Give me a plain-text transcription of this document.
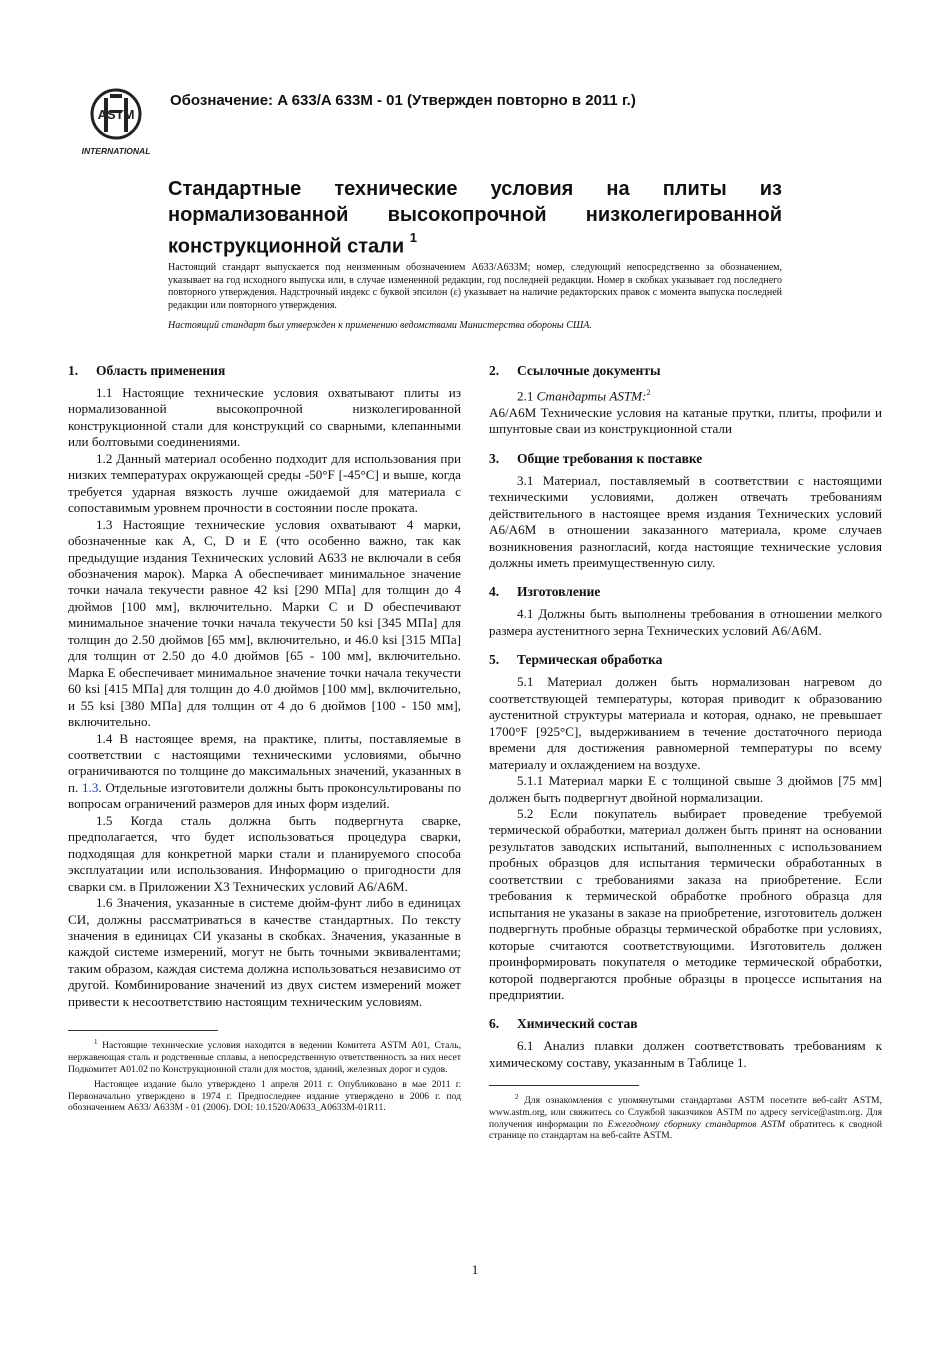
ASTM
INTERNATIONAL
Обозначение: A 633/A 633M - 01 (Утвержден повторно в 2011 г.)
Стандартные технические условия на плиты из
нормализованной высокопрочной низколегированной
конструкционной стали $^1$
Настоящий стандарт выпускается под неизменным обозначением A633/A633M; номер, следующий непосредственно за обозначением, указывает на год исходного выпуска или, в случае измененной редакции, год последней редакции. Номер в скобках указывает год последнего повторного утверждения. Надстрочный индекс с буквой эпсилон (ε) указывает на наличие редакторских правок с момента выпуска последней редакции или повторного утверждения.
Настоящий стандарт был утвержден к применению ведомствами Министерства обороны США.
1. Область применения

1.1 Настоящие технические условия охватывают плиты из нормализованной высокопрочной низколегированной конструкционной стали для конструкций со сварными, клепанными или болтовыми соединениями.

1.2 Данный материал особенно подходит для использования при низких температурах окружающей среды -50°F [-45°C] и выше, когда требуется ударная вязкость лучше ожидаемой для материала с сопоставимым уровнем прочности в состоянии после проката.

1.3 Настоящие технические условия охватывают 4 марки, обозначенные как A, C, D и E (что особенно важно, так как предыдущие издания Технических условий A633 не включали в себя обозначения марок). Марка A обеспечивает минимальное значение точки начала текучести равное 42 ksi [290 МПа] для толщин до 4 дюймов [100 мм], включительно. Марки C и D обеспечивают минимальное значение точки начала текучести 50 ksi [345 МПа] для толщин до 2.50 дюймов [65 мм], включительно, и 46.0 ksi [315 МПа] для толщин от 2.50 до 4.0 дюймов [65 - 100 мм], включительно. Марка E обеспечивает минимальное значение точки начала текучести 60 ksi [415 МПа] для толщин до 4.0 дюймов [100 мм], включительно, и 55 ksi [380 МПа] для толщин от 4 до 6 дюймов [100 - 150 мм], включительно.

1.4 В настоящее время, на практике, плиты, поставляемые в соответствии с настоящими техническими условиями, обычно ограничиваются по толщине до максимальных значений, указанных в п. 1.3. Отдельные изготовители должны быть проконсультированы по вопросам ограничений размеров для иных форм изделий.

1.5 Когда сталь должна быть подвергнута сварке, предполагается, что будет использоваться процедура сварки, подходящая для конкретной марки стали и планируемого способа эксплуатации или использования. Информацию о пригодности для сварки см. в Приложении X3 Технических условий A6/A6M.

1.6 Значения, указанные в системе дюйм-фунт либо в единицах СИ, должны рассматриваться в качестве стандартных. По тексту значения в единицах СИ указаны в скобках. Значения, указанные в каждой системе измерений, могут не быть точными эквивалентами; таким образом, каждая система должна использоваться независимо от другой. Комбинирование значений из двух систем измерений может привести к несоответствию настоящим техническим условиям.

$^1$ Настоящие технические условия находятся в ведении Комитета ASTM A01, Сталь, нержавеющая сталь и родственные сплавы, а непосредственную ответственность за них несет Подкомитет A01.02 по Конструкционной стали для мостов, зданий, железных дорог и судов.

Настоящее издание было утверждено 1 апреля 2011 г. Опубликовано в мае 2011 г. Первоначально утверждено в 1974 г. Предпоследнее издание утверждено в 2006 г. под обозначением A633/ A633M - 01 (2006). DOI: 10.1520/A0633_A0633M-01R11.

2. Ссылочные документы

2.1 Стандарты ASTM:$^2$

A6/A6M Технические условия на катаные прутки, плиты, профили и шпунтовые сваи из конструкционной стали

3. Общие требования к поставке

3.1 Материал, поставляемый в соответствии с настоящими техническими условиями, должен отвечать требованиям действительного в настоящее время издания Технических условий A6/A6M в отношении заказанного материала, кроме случаев возникновения разногласий, когда настоящие технические условия должны иметь преимущественную силу.

4. Изготовление

4.1 Должны быть выполнены требования в отношении мелкого размера аустенитного зерна Технических условий A6/A6M.

5. Термическая обработка

5.1 Материал должен быть нормализован нагревом до соответствующей температуры, которая приводит к образованию аустенитной структуры материала и которая, однако, не превышает 1700°F [925°C], выдерживанием в течение достаточного периода времени для достижения равномерной температуры по всему материалу и охлаждением на воздухе.

5.1.1 Материал марки E с толщиной свыше 3 дюймов [75 мм] должен быть подвергнут двойной нормализации.

5.2 Если покупатель выбирает проведение требуемой термической обработки, материал должен быть принят на основании результатов заводских испытаний, выполненных с использованием пробных образцов для испытания термически обработанных в соответствии с требованиями заказа на приобретение. Если требования к термической обработке пробного образца для испытания не указаны в заказе на приобретение, изготовитель должен подвергнуть пробные образцы термической обработке при условиях, которые считаются соответствующими. Изготовитель должен проинформировать покупателя о методике термической обработки, которой подвергаются пробные образцы в процессе испытания на предприятии.

6. Химический состав

6.1 Анализ плавки должен соответствовать требованиям к химическому составу, указанным в Таблице 1.

$^2$ Для ознакомления с упомянутыми стандартами ASTM посетите веб-сайт ASTM, www.astm.org, или свяжитесь со Службой заказчиков ASTM по адресу service@astm.org. Для получения информации по Ежегодному сборнику стандартов ASTM обратитесь к сводной странице по стандартам на веб-сайте ASTM.

1
